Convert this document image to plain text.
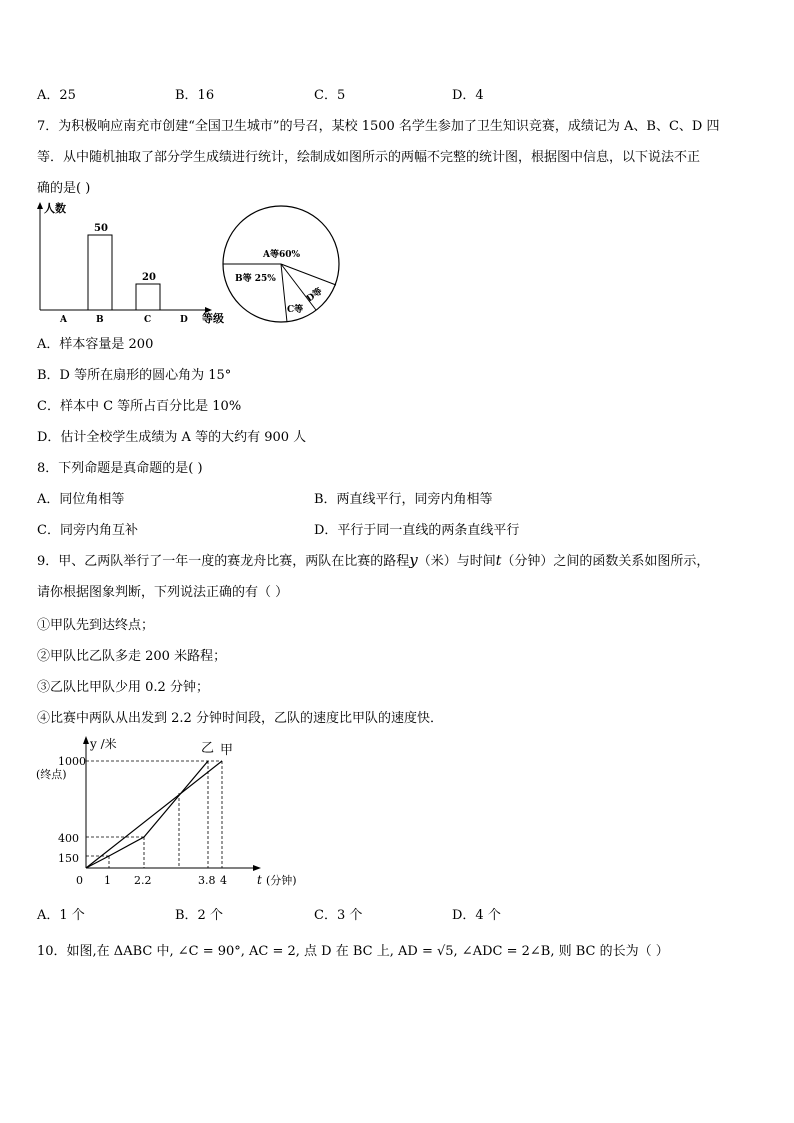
A．25	B．16	C．5	D．4
7．为积极响应南充市创建“全国卫生城市”的号召，某校 1500 名学生参加了卫生知识竞赛，成绩记为 A、B、C、D 四
等．从中随机抽取了部分学生成绩进行统计，绘制成如图所示的两幅不完整的统计图，根据图中信息，以下说法不正
确的是( )
人数
等级
50
20
A	B	C	D
A等60%
B等 25%
C等
D等
A．样本容量是 200
B．D 等所在扇形的圆心角为 15°
C．样本中 C 等所占百分比是 10%
D．估计全校学生成绩为 A 等的大约有 900 人
8．下列命题是真命题的是( )
A．同位角相等	B．两直线平行，同旁内角相等
C．同旁内角互补	D．平行于同一直线的两条直线平行
9．甲、乙两队举行了一年一度的赛龙舟比赛，两队在比赛的路程y（米）与时间t（分钟）之间的函数关系如图所示，
请你根据图象判断，下列说法正确的有（ ）
①甲队先到达终点；
②甲队比乙队多走 200 米路程；
③乙队比甲队少用 0.2 分钟；
④比赛中两队从出发到 2.2 分钟时间段，乙队的速度比甲队的速度快．
y /米
1000
(终点)
400
150
0 1 2.2	3.8 4	t (分钟)
乙 甲
A．1 个	B．2 个	C．3 个	D．4 个
10．如图,在 ΔABC 中, ∠C = 90°, AC = 2, 点 D 在 BC 上, AD = √5, ∠ADC = 2∠B, 则 BC 的长为（ ）
